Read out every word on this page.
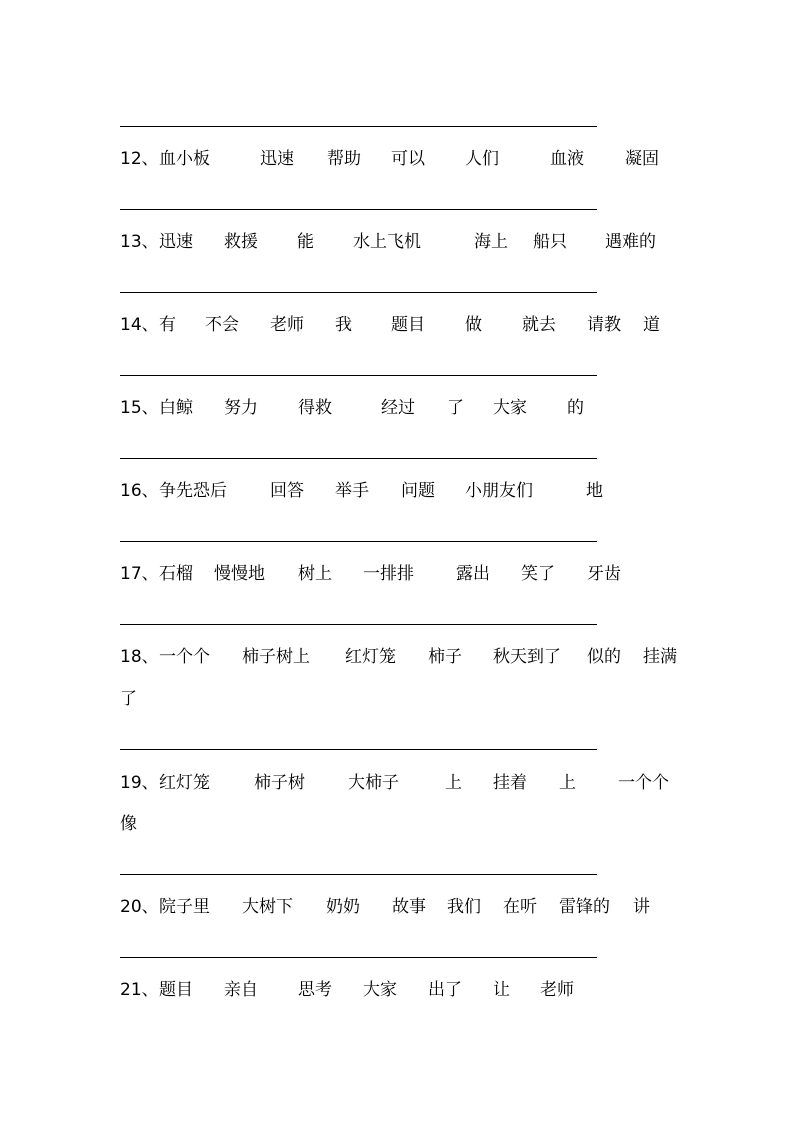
12、 血小板	迅速 帮助 可以 人们	血液 凝固
13、 迅速 救援 能 水上飞机	海上 船只 遇难的
14、 有 不会 老师 我 题目 做 就去 请教 道
15、 白鲸 努力 得救	经过 了 大家 的
16、 争先恐后	回答 举手 问题 小朋友们	地
17、 石榴 慢慢地 树上 一排排 露出 笑了 牙齿
18、 一个个 柿子树上 红灯笼 柿子 秋天到了 似的 挂满
了
19、 红灯笼	柿子树	大柿子	上 挂着 上 一个个
像
20、 院子里 大树下 奶奶 故事 我们 在听 雷锋的 讲
21、 题目 亲自 思考 大家 出了 让 老师
